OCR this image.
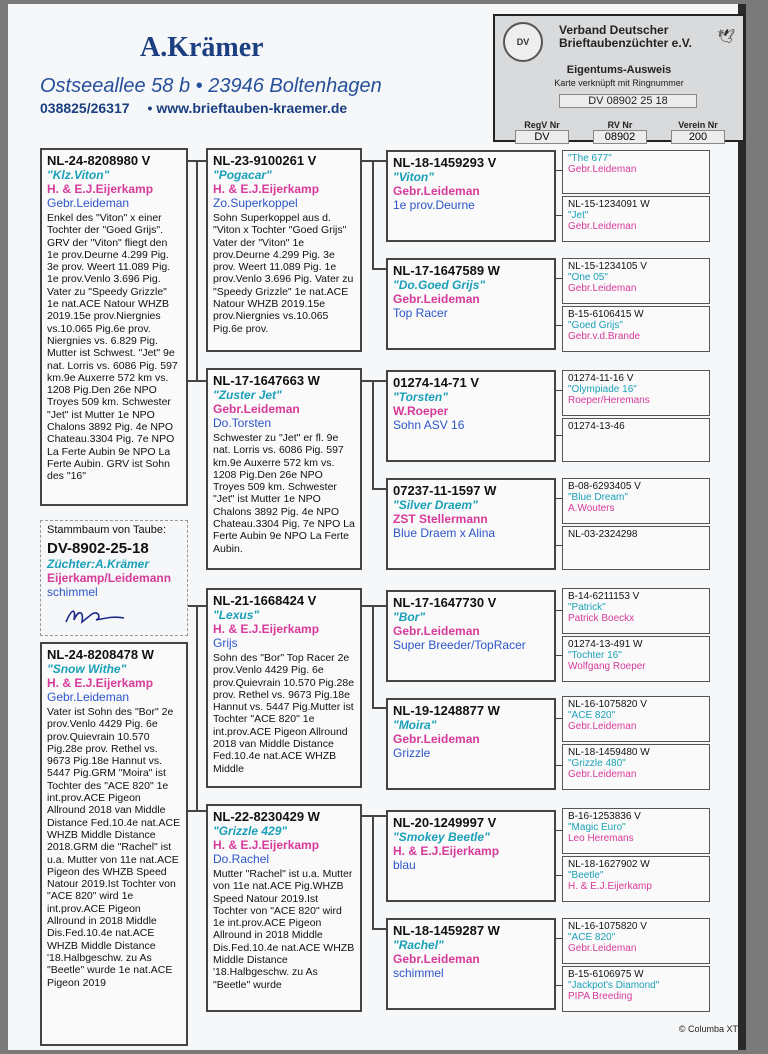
A.Krämer
Ostseeallee 58 b • 23946 Boltenhagen
038825/26317 • www.brieftauben-kraemer.de
DV
Verband Deutscher
Brieftaubenzüchter e.V. 🕊
Eigentums-Ausweis
Karte verknüpft mit Ringnummer
DV 08902 25 18
RegV Nr	RV Nr	Verein Nr
DV	08902	200
NL-24-8208980 V
"Klz.Viton"
H. & E.J.Eijerkamp
Gebr.Leideman
Enkel des "Viton" x einer Tochter der "Goed Grijs". GRV der "Viton" fliegt den 1e prov.Deurne 4.299 Pig. 3e prov. Weert 11.089 Pig. 1e prov.Venlo 3.696 Pig. Vater zu "Speedy Grizzle" 1e nat.ACE Natour WHZB 2019.15e prov.Niergnies vs.10.065 Pig.6e prov. Niergnies vs. 6.829 Pig. Mutter ist Schwest. "Jet" 9e nat. Lorris vs. 6086 Pig. 597 km.9e Auxerre 572 km vs. 1208 Pig.Den 26e NPO Troyes 509 km. Schwester "Jet" ist Mutter 1e NPO Chalons 3892 Pig. 4e NPO Chateau.3304 Pig. 7e NPO La Ferte Aubin 9e NPO La Ferte Aubin. GRV ist Sohn des "16"
Stammbaum von Taube:
DV-8902-25-18
Züchter:A.Krämer
Eijerkamp/Leidemann
schimmel
NL-24-8208478 W
"Snow Withe"
H. & E.J.Eijerkamp
Gebr.Leideman
Vater ist Sohn des "Bor" 2e prov.Venlo 4429 Pig. 6e prov.Quievrain 10.570 Pig.28e prov. Rethel vs. 9673 Pig.18e Hannut vs. 5447 Pig.GRM "Moira" ist Tochter des "ACE 820" 1e int.prov.ACE Pigeon Allround 2018 van Middle Distance Fed.10.4e nat.ACE WHZB Middle Distance 2018.GRM die "Rachel" ist u.a. Mutter von 11e nat.ACE Pigeon des WHZB Speed Natour 2019.Ist Tochter von "ACE 820" wird 1e int.prov.ACE Pigeon Allround in 2018 Middle Dis.Fed.10.4e nat.ACE WHZB Middle Distance '18.Halbgeschw. zu As "Beetle" wurde 1e nat.ACE Pigeon 2019
NL-23-9100261 V
"Pogacar"
H. & E.J.Eijerkamp
Zo.Superkoppel
Sohn Superkoppel aus d. "Viton x Tochter "Goed Grijs" Vater der "Viton" 1e prov.Deurne 4.299 Pig. 3e prov. Weert 11.089 Pig. 1e prov.Venlo 3.696 Pig. Vater zu "Speedy Grizzle" 1e nat.ACE Natour WHZB 2019.15e prov.Niergnies vs.10.065 Pig.6e prov.
NL-17-1647663 W
"Zuster Jet"
Gebr.Leideman
Do.Torsten
Schwester zu "Jet" er fl. 9e nat. Lorris vs. 6086 Pig. 597 km.9e Auxerre 572 km vs. 1208 Pig.Den 26e NPO Troyes 509 km. Schwester "Jet" ist Mutter 1e NPO Chalons 3892 Pig. 4e NPO Chateau.3304 Pig. 7e NPO La Ferte Aubin 9e NPO La Ferte Aubin.
NL-21-1668424 V
"Lexus"
H. & E.J.Eijerkamp
Grijs
Sohn des "Bor" Top Racer 2e prov.Venlo 4429 Pig. 6e prov.Quievrain 10.570 Pig.28e prov. Rethel vs. 9673 Pig.18e Hannut vs. 5447 Pig.Mutter ist Tochter "ACE 820" 1e int.prov.ACE Pigeon Allround 2018 van Middle Distance Fed.10.4e nat.ACE WHZB Middle
NL-22-8230429 W
"Grizzle 429"
H. & E.J.Eijerkamp
Do.Rachel
Mutter "Rachel" ist u.a. Mutter von 11e nat.ACE Pig.WHZB Speed Natour 2019.Ist Tochter von "ACE 820" wird 1e int.prov.ACE Pigeon Allround in 2018 Middle Dis.Fed.10.4e nat.ACE WHZB Middle Distance '18.Halbgeschw. zu As "Beetle" wurde
NL-18-1459293 V
"Viton"
Gebr.Leideman
1e prov.Deurne
NL-17-1647589 W
"Do.Goed Grijs"
Gebr.Leideman
Top Racer
01274-14-71 V
"Torsten"
W.Roeper
Sohn ASV 16
07237-11-1597 W
"Silver Draem"
ZST Stellermann
Blue Draem x Alina
NL-17-1647730 V
"Bor"
Gebr.Leideman
Super Breeder/TopRacer
NL-19-1248877 W
"Moira"
Gebr.Leideman
Grizzle
NL-20-1249997 V
"Smokey Beetle"
H. & E.J.Eijerkamp
blau
NL-18-1459287 W
"Rachel"
Gebr.Leideman
schimmel
"The 677"
Gebr.Leideman
NL-15-1234091 W
"Jet"
Gebr.Leideman
NL-15-1234105 V
"One 05"
Gebr.Leideman
B-15-6106415 W
"Goed Grijs"
Gebr.v.d.Brande
01274-11-16 V
"Olympiade 16"
Roeper/Heremans
01274-13-46
B-08-6293405 V
"Blue Dream"
A.Wouters
NL-03-2324298
B-14-6211153 V
"Patrick"
Patrick Boeckx
01274-13-491 W
"Tochter 16"
Wolfgang Roeper
NL-16-1075820 V
"ACE 820"
Gebr.Leideman
NL-18-1459480 W
"Grizzle 480"
Gebr.Leideman
B-16-1253836 V
"Magic Euro"
Leo Heremans
NL-18-1627902 W
"Beetle"
H. & E.J.Eijerkamp
NL-16-1075820 V
"ACE 820"
Gebr.Leideman
B-15-6106975 W
"Jackpot's Diamond"
PIPA Breeding
© Columba XT
